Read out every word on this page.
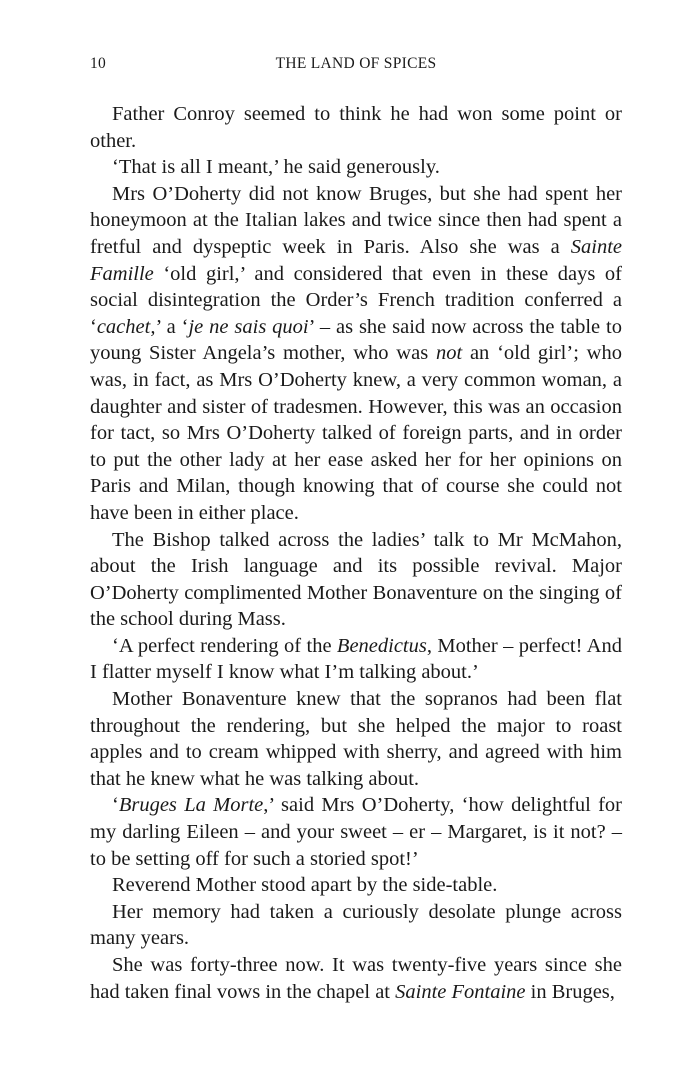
10	THE LAND OF SPICES

Father Conroy seemed to think he had won some point or other.

‘That is all I meant,’ he said generously.

Mrs O’Doherty did not know Bruges, but she had spent her honeymoon at the Italian lakes and twice since then had spent a fretful and dyspeptic week in Paris. Also she was a Sainte Famille ‘old girl,’ and considered that even in these days of social disintegration the Order’s French tradition conferred a ‘cachet,’ a ‘je ne sais quoi’ – as she said now across the table to young Sister Angela’s mother, who was not an ‘old girl’; who was, in fact, as Mrs O’Doherty knew, a very common woman, a daughter and sister of tradesmen. However, this was an occasion for tact, so Mrs O’Doherty talked of foreign parts, and in order to put the other lady at her ease asked her for her opinions on Paris and Milan, though knowing that of course she could not have been in either place.

The Bishop talked across the ladies’ talk to Mr McMahon, about the Irish language and its possible revival. Major O’Doherty complimented Mother Bonaventure on the singing of the school during Mass.

‘A perfect rendering of the Benedictus, Mother – perfect! And I flatter myself I know what I’m talking about.’

Mother Bonaventure knew that the sopranos had been flat throughout the rendering, but she helped the major to roast apples and to cream whipped with sherry, and agreed with him that he knew what he was talking about.

‘Bruges La Morte,’ said Mrs O’Doherty, ‘how delightful for my darling Eileen – and your sweet – er – Margaret, is it not? – to be setting off for such a storied spot!’

Reverend Mother stood apart by the side-table.

Her memory had taken a curiously desolate plunge across many years.

She was forty-three now. It was twenty-five years since she had taken final vows in the chapel at Sainte Fontaine in Bruges,
